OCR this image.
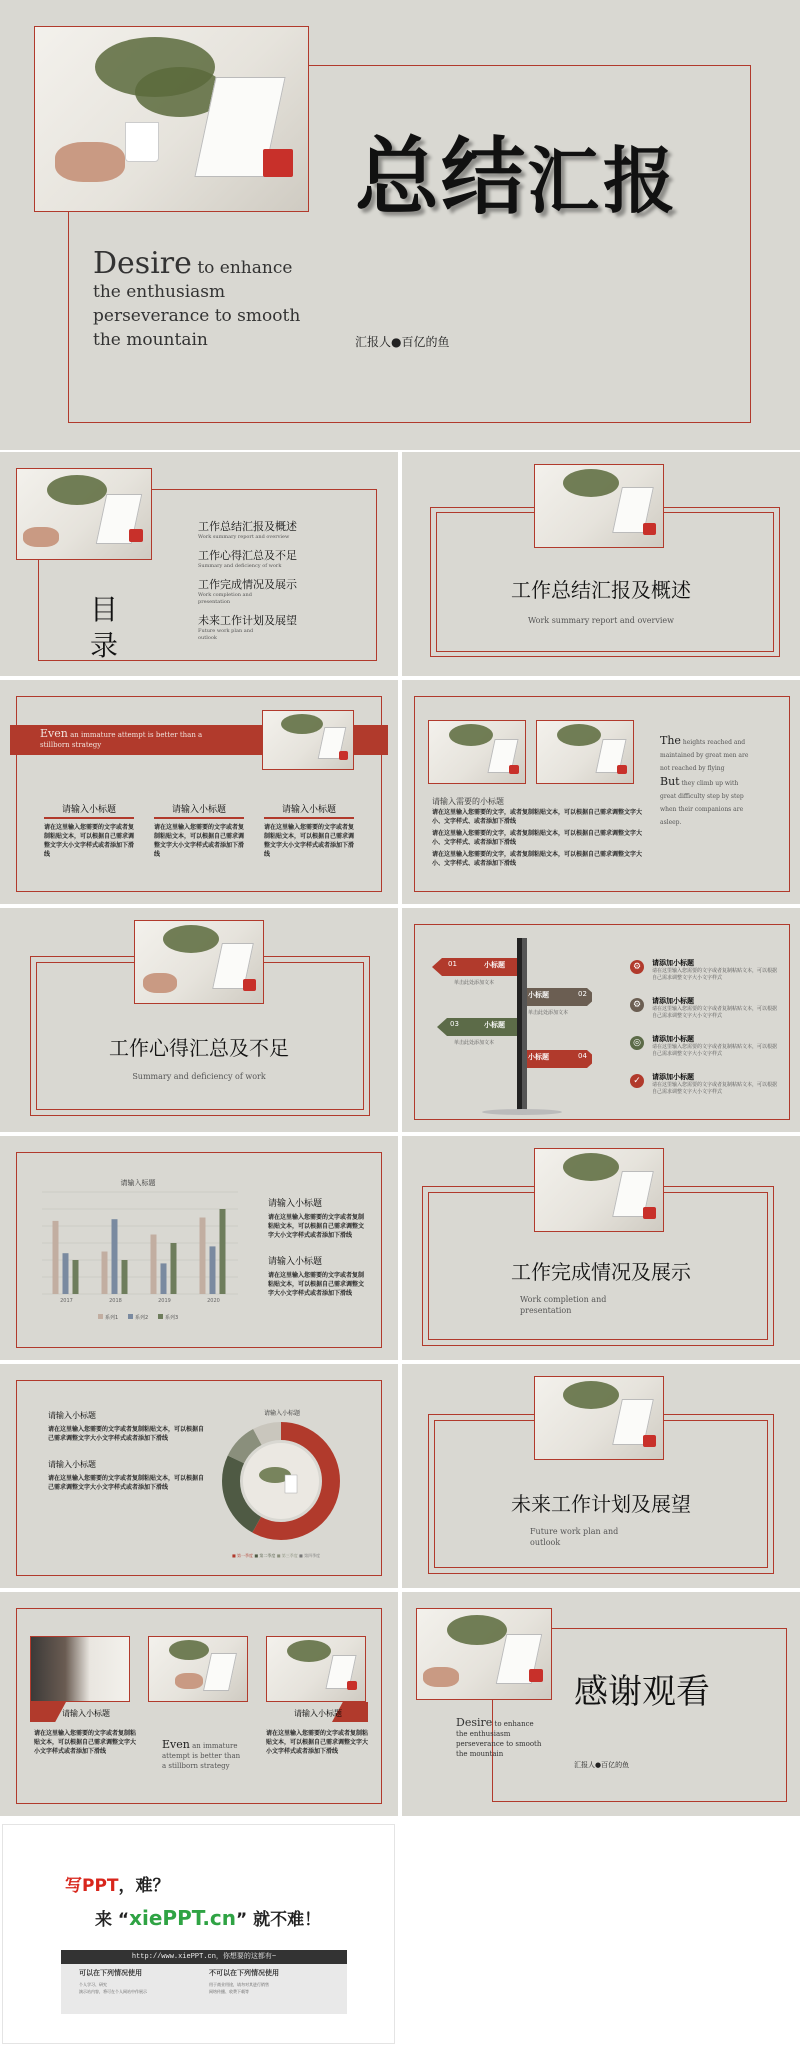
总结汇报
Desire to enhance
the enthusiasm
perseverance to smooth
the mountain	汇报人●百亿的鱼
目
录
工作总结汇报及概述
Work summary report and overview
工作心得汇总及不足
Summary and deficiency of work
工作完成情况及展示
Work completion and presentation
未来工作计划及展望
Future work plan and outlook
工作总结汇报及概述
Work summary report and overview
Even an immature attempt is better than a stillborn strategy
请输入小标题
请在这里输入您需要的文字或者复制粘贴文本，可以根据自己需求调整文字大小文字样式或者添加下滑线
请输入小标题
请在这里输入您需要的文字或者复制粘贴文本，可以根据自己需求调整文字大小文字样式或者添加下滑线
请输入小标题
请在这里输入您需要的文字或者复制粘贴文本，可以根据自己需求调整文字大小文字样式或者添加下滑线
请输入需要的小标题
请在这里输入您需要的文字，或者复制粘贴文本，可以根据自己需求调整文字大小、文字样式、或者添加下滑线
请在这里输入您需要的文字，或者复制粘贴文本，可以根据自己需求调整文字大小、文字样式、或者添加下滑线
请在这里输入您需要的文字，或者复制粘贴文本，可以根据自己需求调整文字大小、文字样式、或者添加下滑线
The heights reached and maintained by great men are not reached by flying
But they climb up with great difficulty step by step when their companions are asleep.
工作心得汇总及不足
Summary and deficiency of work
01	小标题
小标题	02
03	小标题
小标题	04
单击此处添加文本
单击此处添加文本
单击此处添加文本
⚙	请添加小标题
请在这里输入您需要的文字或者复制粘贴文本，可以根据自己需求调整文字大小文字样式
⚙	请添加小标题
请在这里输入您需要的文字或者复制粘贴文本，可以根据自己需求调整文字大小文字样式
◎	请添加小标题
请在这里输入您需要的文字或者复制粘贴文本，可以根据自己需求调整文字大小文字样式
✓	请添加小标题
请在这里输入您需要的文字或者复制粘贴文本，可以根据自己需求调整文字大小文字样式
请输入标题
2017	2018	2019	2020
系列1	系列2	系列3
请输入小标题
请在这里输入您需要的文字或者复制粘贴文本，可以根据自己需求调整文字大小文字样式或者添加下滑线
请输入小标题
请在这里输入您需要的文字或者复制粘贴文本，可以根据自己需求调整文字大小文字样式或者添加下滑线
工作完成情况及展示
Work completion and presentation
请输入小标题
请在这里输入您需要的文字或者复制粘贴文本，可以根据自己需求调整文字大小文字样式或者添加下滑线
请输入小标题
请在这里输入您需要的文字或者复制粘贴文本，可以根据自己需求调整文字大小文字样式或者添加下滑线
请输入小标题
■ 第一季度 ■ 第二季度 ■ 第三季度 ■ 第四季度
未来工作计划及展望
Future work plan and outlook
请输入小标题
请在这里输入您需要的文字或者复制粘贴文本，可以根据自己需求调整文字大小文字样式或者添加下滑线
Even an immature attempt is better than a stillborn strategy
请输入小标题
请在这里输入您需要的文字或者复制粘贴文本，可以根据自己需求调整文字大小文字样式或者添加下滑线
感谢观看
Desire to enhance the enthusiasm perseverance to smooth the mountain
汇报人●百亿的鱼
写PPT，难？
来 “xiePPT.cn” 就不难！
http://www.xiePPT.cn，你想要的这都有~
可以在下列情况使用
个人学习、研究
演示站内容，将可在个人网站中作展示
不可以在下列情况使用
用于商业用途，请勿对其进行销售
网络传播、收费下载等
